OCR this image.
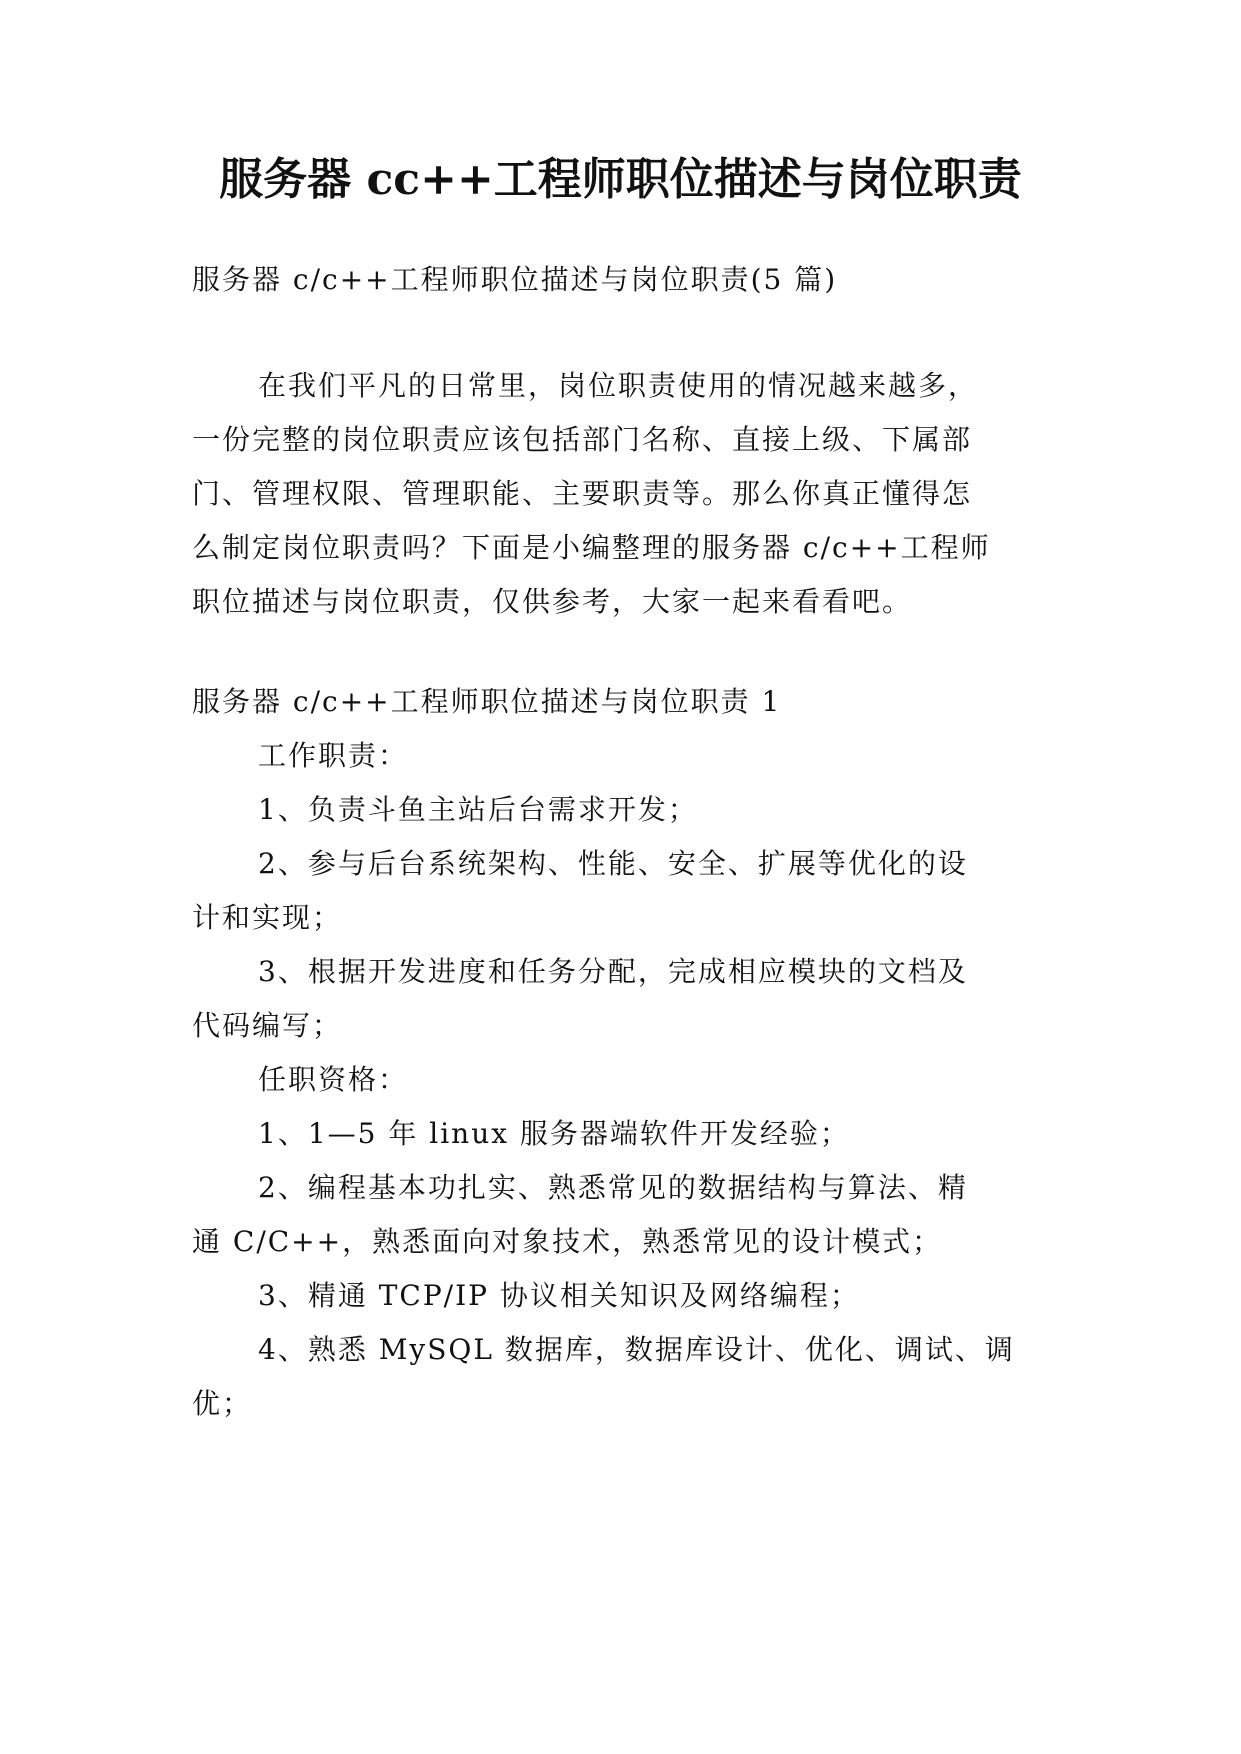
服务器 cc++工程师职位描述与岗位职责
服务器 c/c++工程师职位描述与岗位职责(5 篇)
在我们平凡的日常里，岗位职责使用的情况越来越多，
一份完整的岗位职责应该包括部门名称、直接上级、下属部
门、管理权限、管理职能、主要职责等。那么你真正懂得怎
么制定岗位职责吗？下面是小编整理的服务器 c/c++工程师
职位描述与岗位职责，仅供参考，大家一起来看看吧。
服务器 c/c++工程师职位描述与岗位职责 1
工作职责：
1、负责斗鱼主站后台需求开发；
2、参与后台系统架构、性能、安全、扩展等优化的设
计和实现；
3、根据开发进度和任务分配，完成相应模块的文档及
代码编写；
任职资格：
1、1—5 年 linux 服务器端软件开发经验；
2、编程基本功扎实、熟悉常见的数据结构与算法、精
通 C/C++，熟悉面向对象技术，熟悉常见的设计模式；
3、精通 TCP/IP 协议相关知识及网络编程；
4、熟悉 MySQL 数据库，数据库设计、优化、调试、调
优；
